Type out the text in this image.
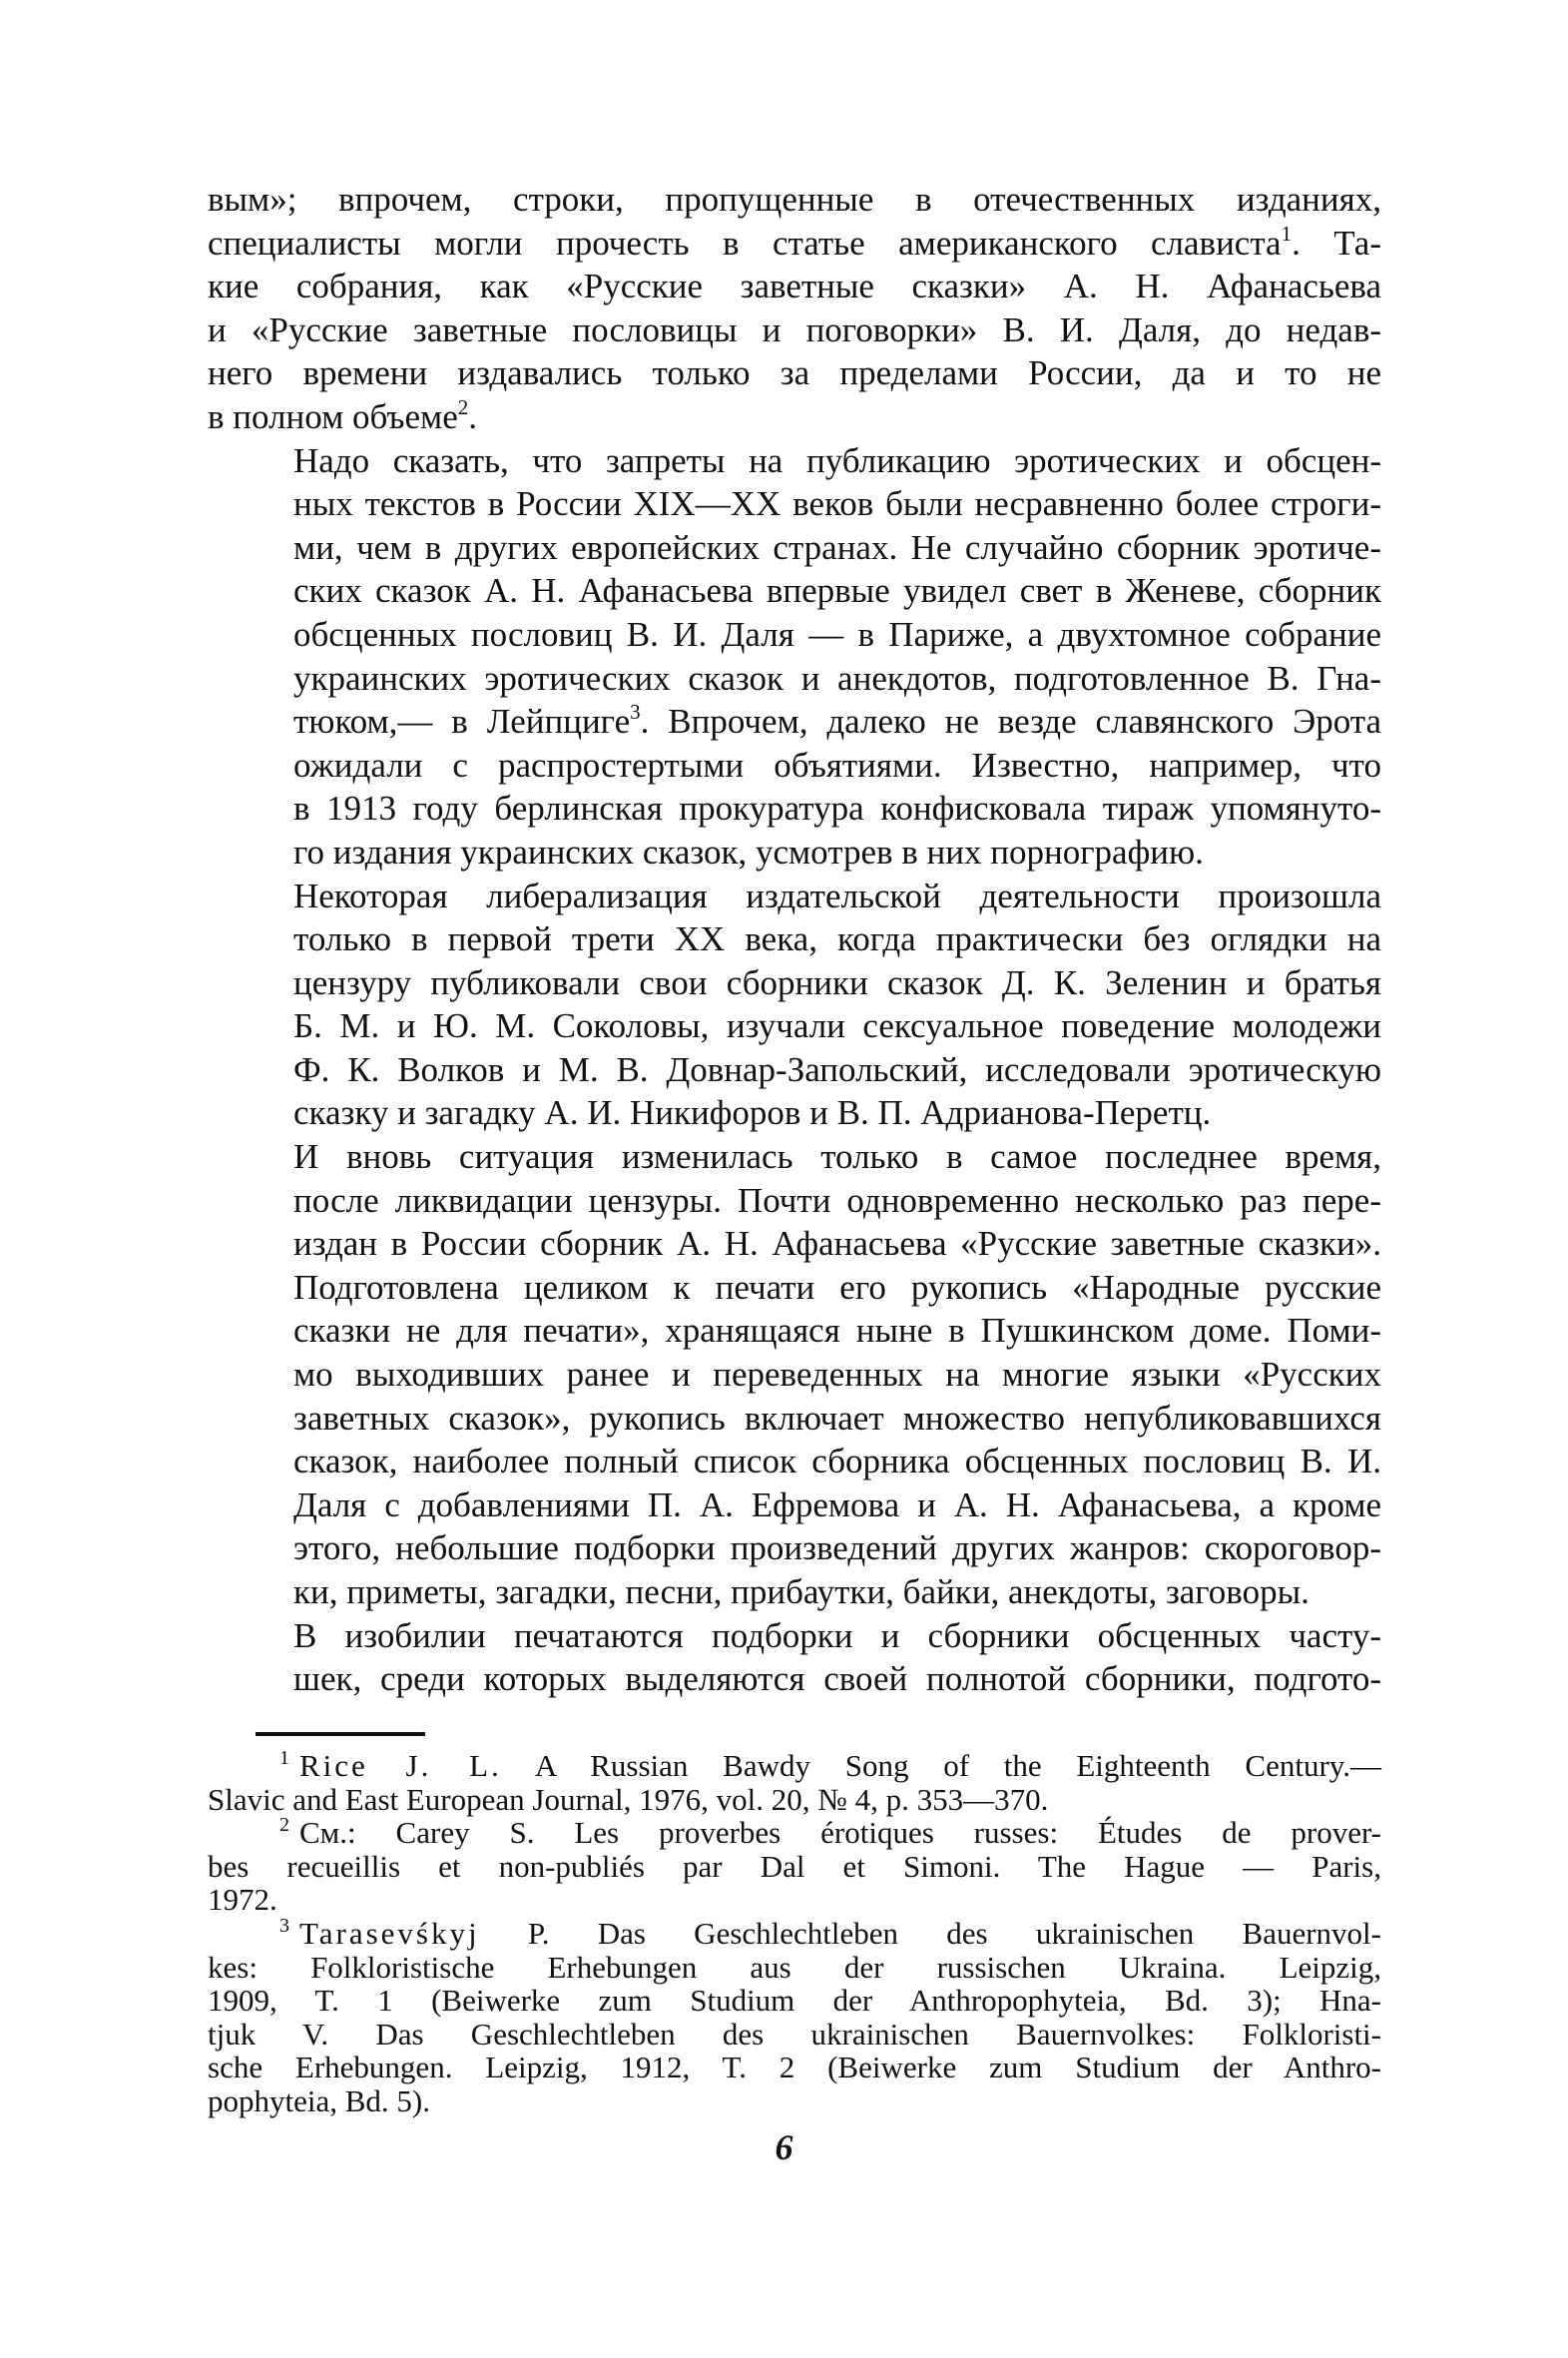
вым»; впрочем, строки, пропущенные в отечественных изданиях,
специалисты могли прочесть в статье американского слависта$^1$. Та-
кие собрания, как «Русские заветные сказки» А. Н. Афанасьева
и «Русские заветные пословицы и поговорки» В. И. Даля, до недав-
него времени издавались только за пределами России, да и то не
в полном объеме$^2$.

Надо сказать, что запреты на публикацию эротических и обсцен-
ных текстов в России XIX—XX веков были несравненно более строги-
ми, чем в других европейских странах. Не случайно сборник эротиче-
ских сказок А. Н. Афанасьева впервые увидел свет в Женеве, сборник
обсценных пословиц В. И. Даля — в Париже, а двухтомное собрание
украинских эротических сказок и анекдотов, подготовленное В. Гна-
тюком,— в Лейпциге$^3$. Впрочем, далеко не везде славянского Эрота
ожидали с распростертыми объятиями. Известно, например, что
в 1913 году берлинская прокуратура конфисковала тираж упомянуто-
го издания украинских сказок, усмотрев в них порнографию.

Некоторая либерализация издательской деятельности произошла
только в первой трети XX века, когда практически без оглядки на
цензуру публиковали свои сборники сказок Д. К. Зеленин и братья
Б. М. и Ю. М. Соколовы, изучали сексуальное поведение молодежи
Ф. К. Волков и М. В. Довнар-Запольский, исследовали эротическую
сказку и загадку А. И. Никифоров и В. П. Адрианова-Перетц.

И вновь ситуация изменилась только в самое последнее время,
после ликвидации цензуры. Почти одновременно несколько раз пере-
издан в России сборник А. Н. Афанасьева «Русские заветные сказки».
Подготовлена целиком к печати его рукопись «Народные русские
сказки не для печати», хранящаяся ныне в Пушкинском доме. Поми-
мо выходивших ранее и переведенных на многие языки «Русских
заветных сказок», рукопись включает множество непубликовавшихся
сказок, наиболее полный список сборника обсценных пословиц В. И.
Даля с добавлениями П. А. Ефремова и А. Н. Афанасьева, а кроме
этого, небольшие подборки произведений других жанров: скороговор-
ки, приметы, загадки, песни, прибаутки, байки, анекдоты, заговоры.

В изобилии печатаются подборки и сборники обсценных часту-
шек, среди которых выделяются своей полнотой сборники, подгото-

$^1$ Rice J. L. A Russian Bawdy Song of the Eighteenth Century.—
Slavic and East European Journal, 1976, vol. 20, № 4, p. 353—370.

$^2$ См.: Carey S. Les proverbes érotiques russes: Études de prover-
bes recueillis et non-publiés par Dal et Simoni. The Hague — Paris,
1972.

$^3$ Tarasevśkyj P. Das Geschlechtleben des ukrainischen Bauernvol-
kes: Folkloristische Erhebungen aus der russischen Ukraina. Leipzig,
1909, T. 1 (Beiwerke zum Studium der Anthropophyteia, Bd. 3); Hna-
tjuk V. Das Geschlechtleben des ukrainischen Bauernvolkes: Folkloristi-
sche Erhebungen. Leipzig, 1912, T. 2 (Beiwerke zum Studium der Anthro-
pophyteia, Bd. 5).

6
